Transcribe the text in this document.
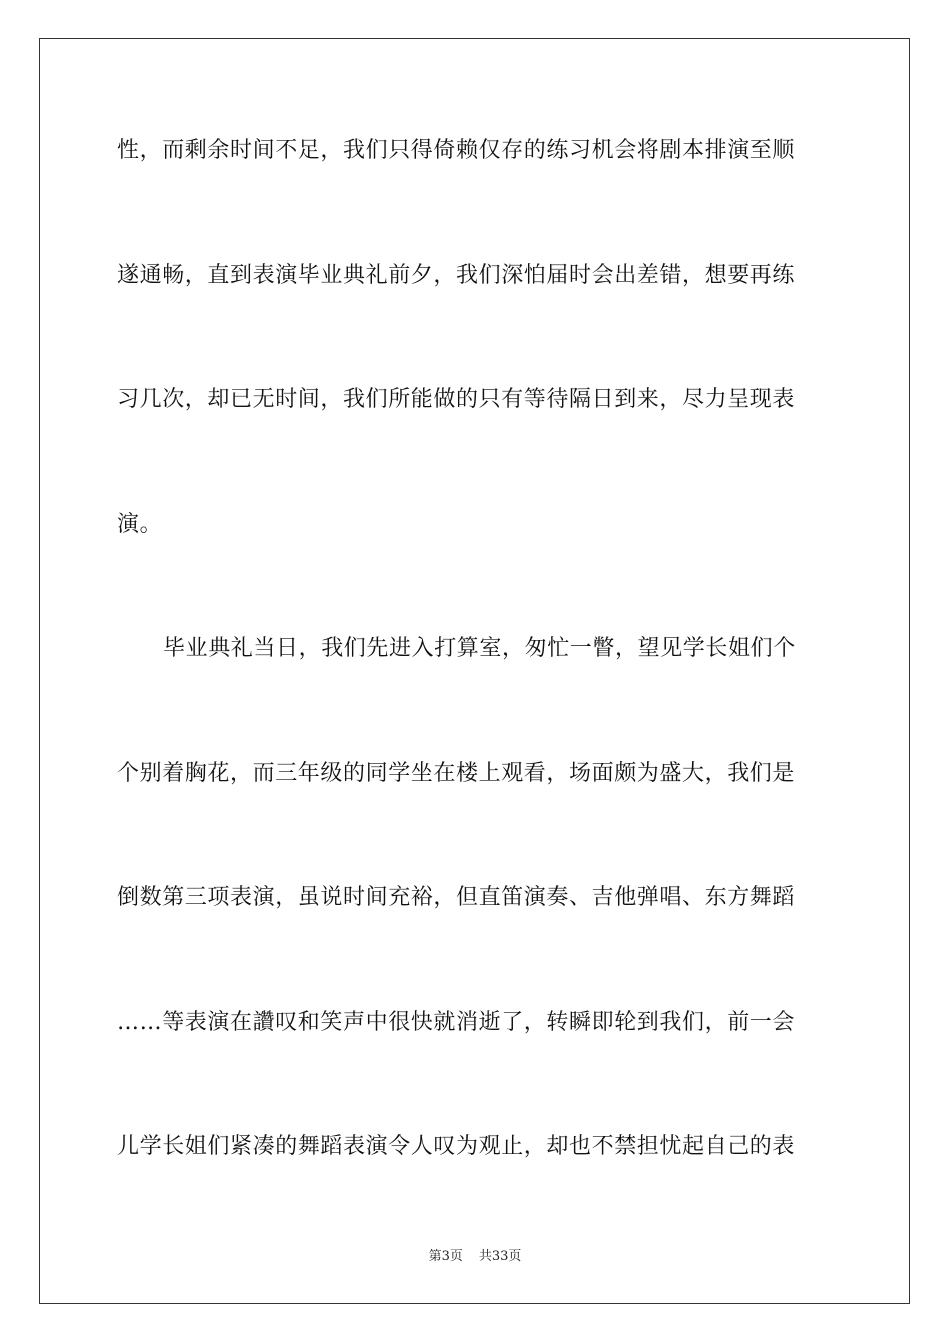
性，而剩余时间不足，我们只得倚赖仅存的练习机会将剧本排演至顺
遂通畅，直到表演毕业典礼前夕，我们深怕届时会出差错，想要再练
习几次，却已无时间，我们所能做的只有等待隔日到来，尽力呈现表
演。
毕业典礼当日，我们先进入打算室，匆忙一瞥，望见学长姐们个
个别着胸花，而三年级的同学坐在楼上观看，场面颇为盛大，我们是
倒数第三项表演，虽说时间充裕，但直笛演奏、吉他弹唱、东方舞蹈
……等表演在讚叹和笑声中很快就消逝了，转瞬即轮到我们，前一会
儿学长姐们紧凑的舞蹈表演令人叹为观止，却也不禁担忧起自己的表
第3页 共33页
